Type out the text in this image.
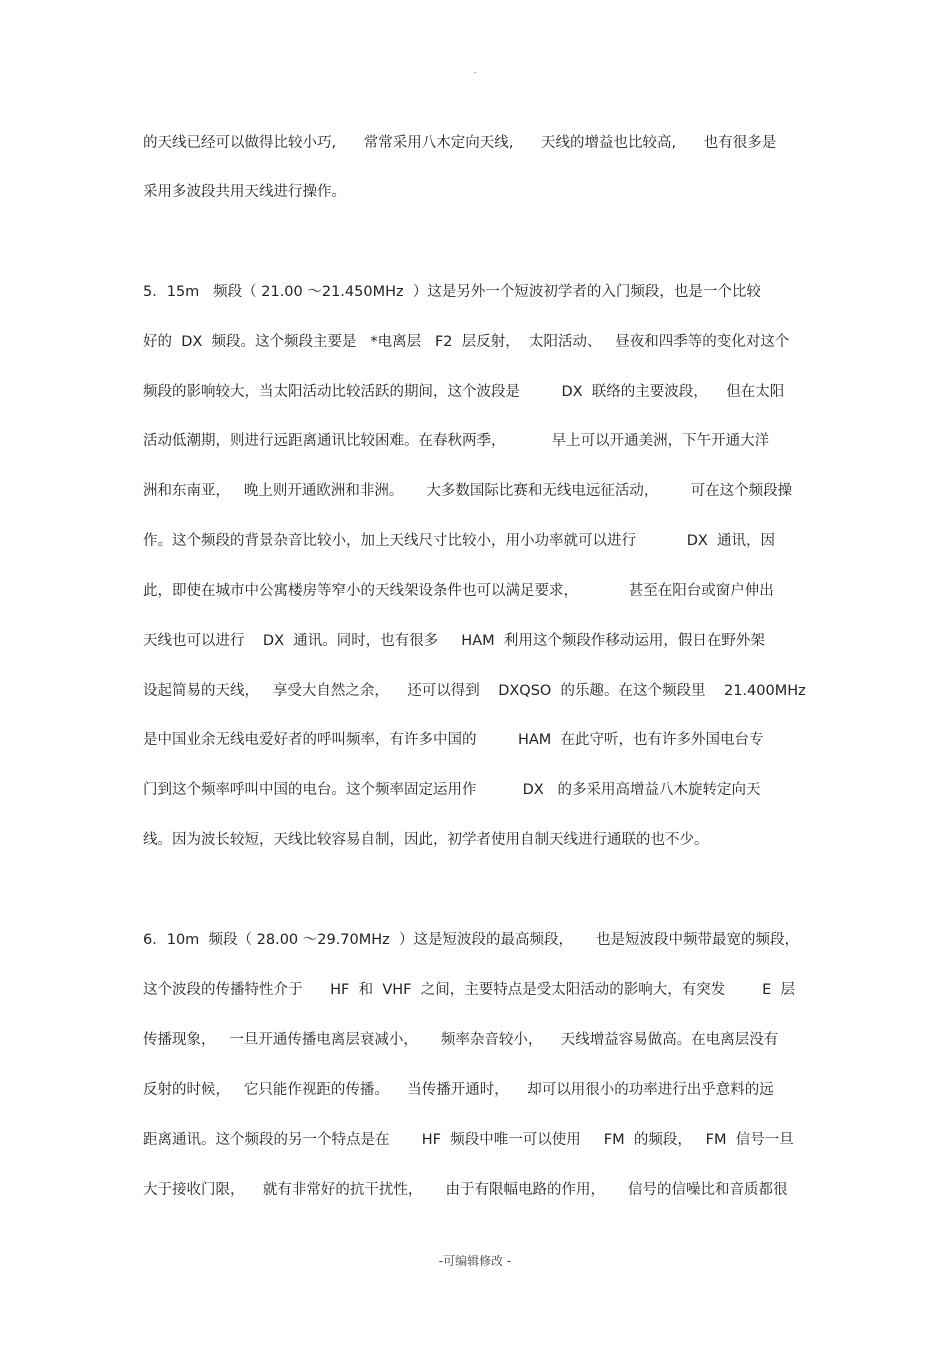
-
的天线已经可以做得比较小巧,      常常采用八木定向天线,      天线的增益也比较高,      也有很多是
采用多波段共用天线进行操作。
5．15m   频段（ 21.00 ～21.450MHz  ）这是另外一个短波初学者的入门频段，也是一个比较
好的  DX  频段。这个频段主要是   *电离层   F2  层反射，  太阳活动、   昼夜和四季等的变化对这个
频段的影响较大，当太阳活动比较活跃的期间，这个波段是         DX  联络的主要波段，    但在太阳
活动低潮期，则进行远距离通讯比较困难。在春秋两季，          早上可以开通美洲，下午开通大洋
洲和东南亚，   晚上则开通欧洲和非洲。     大多数国际比赛和无线电远征活动，       可在这个频段操
作。这个频段的背景杂音比较小，加上天线尺寸比较小，用小功率就可以进行           DX  通讯，因
此，即使在城市中公寓楼房等窄小的天线架设条件也可以满足要求，           甚至在阳台或窗户伸出
天线也可以进行    DX  通讯。同时，也有很多     HAM  利用这个频段作移动运用，假日在野外架
设起简易的天线，   享受大自然之余，    还可以得到    DXQSO  的乐趣。在这个频段里    21.400MHz
是中国业余无线电爱好者的呼叫频率，有许多中国的         HAM  在此守听，也有许多外国电台专
门到这个频率呼叫中国的电台。这个频率固定运用作          DX   的多采用高增益八木旋转定向天
线。因为波长较短，天线比较容易自制，因此，初学者使用自制天线进行通联的也不少。
6．10m  频段（ 28.00 ～29.70MHz  ）这是短波段的最高频段，     也是短波段中频带最宽的频段，
这个波段的传播特性介于      HF  和  VHF  之间，主要特点是受太阳活动的影响大，有突发        E  层
传播现象，   一旦开通传播电离层衰减小，     频率杂音较小，    天线增益容易做高。在电离层没有
反射的时候，   它只能作视距的传播。    当传播开通时，    却可以用很小的功率进行出乎意料的远
距离通讯。这个频段的另一个特点是在       HF  频段中唯一可以使用     FM  的频段，   FM  信号一旦
大于接收门限，    就有非常好的抗干扰性，     由于有限幅电路的作用，     信号的信噪比和音质都很
-可编辑修改 -
